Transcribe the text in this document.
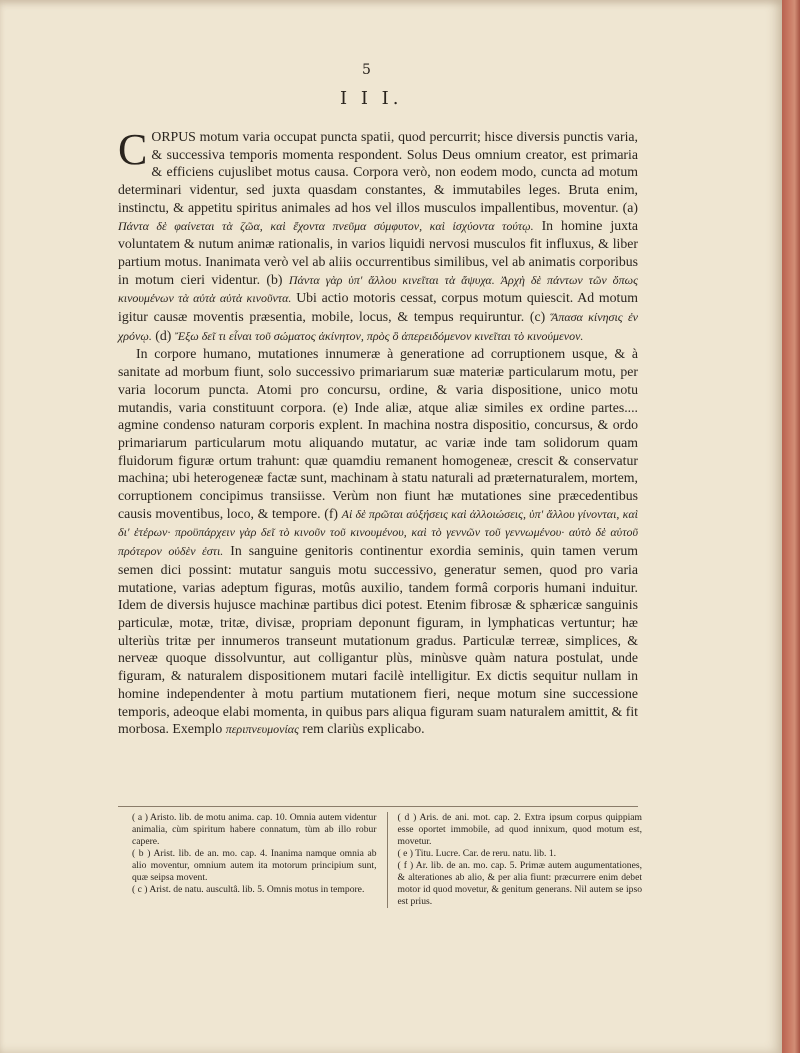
5
I I I.

CORPUS motum varia occupat puncta spatii, quod percurrit; hisce diversis punctis varia, & successiva temporis momenta respondent. Solus Deus omnium creator, est primaria & efficiens cujuslibet motus causa. Corpora verò, non eodem modo, cuncta ad motum determinari videntur, sed juxta quasdam constantes, & immutabiles leges. Bruta enim, instinctu, & appetitu spiritus animales ad hos vel illos musculos impallentibus, moventur. (a) Πάντα δὲ φαίνεται τὰ ζῶα, καὶ ἔχοντα πνεῦμα σύμφυτον, καὶ ἰσχύοντα τούτῳ. In homine juxta voluntatem & nutum animæ rationalis, in varios liquidi nervosi musculos fit influxus, & liber partium motus. Inanimata verò vel ab aliis occurrentibus similibus, vel ab animatis corporibus in motum cieri videntur. (b) Πάντα γὰρ ὑπ' ἄλλου κινεῖται τὰ ἄψυχα. Ἀρχὴ δὲ πάντων τῶν ὅπως κινουμένων τὰ αὐτὰ αὐτὰ κινοῦντα. Ubi actio motoris cessat, corpus motum quiescit. Ad motum igitur causæ moventis præsentia, mobile, locus, & tempus requiruntur. (c) Ἅπασα κίνησις ἐν χρόνῳ. (d) Ἔξω δεῖ τι εἶναι τοῦ σώματος ἀκίνητον, πρὸς ὃ ἀπερειδόμενον κινεῖται τὸ κινούμενον.

In corpore humano, mutationes innumeræ à generatione ad corruptionem usque, & à sanitate ad morbum fiunt, solo successivo primariarum suæ materiæ particularum motu, per varia locorum puncta. Atomi pro concursu, ordine, & varia dispositione, unico motu mutandis, varia constituunt corpora. (e) Inde aliæ, atque aliæ similes ex ordine partes.... agmine condenso naturam corporis explent. In machina nostra dispositio, concursus, & ordo primariarum particularum motu aliquando mutatur, ac variæ inde tam solidorum quam fluidorum figuræ ortum trahunt: quæ quamdiu remanent homogeneæ, crescit & conservatur machina; ubi heterogeneæ factæ sunt, machinam à statu naturali ad præternaturalem, mortem, corruptionem concipimus transiisse. Verùm non fiunt hæ mutationes sine præcedentibus causis moventibus, loco, & tempore. (f) Αἱ δὲ πρῶται αὐξήσεις καὶ ἀλλοιώσεις, ὑπ' ἄλλου γίνονται, καὶ δι' ἑτέρων· προϋπάρχειν γὰρ δεῖ τὸ κινοῦν τοῦ κινουμένου, καὶ τὸ γεννῶν τοῦ γεννωμένου· αὐτὸ δὲ αὑτοῦ πρότερον οὐδὲν ἐστι. In sanguine genitoris continentur exordia seminis, quin tamen verum semen dici possint: mutatur sanguis motu successivo, generatur semen, quod pro varia mutatione, varias adeptum figuras, motûs auxilio, tandem formâ corporis humani induitur. Idem de diversis hujusce machinæ partibus dici potest. Etenim fibrosæ & sphæricæ sanguinis particulæ, motæ, tritæ, divisæ, propriam deponunt figuram, in lymphaticas vertuntur; hæ ulteriùs tritæ per innumeros transeunt mutationum gradus. Particulæ terreæ, simplices, & nerveæ quoque dissolvuntur, aut colligantur plùs, minùsve quàm natura postulat, unde figuram, & naturalem dispositionem mutari facilè intelligitur. Ex dictis sequitur nullam in homine independenter à motu partium mutationem fieri, neque motum sine successione temporis, adeoque elabi momenta, in quibus pars aliqua figuram suam naturalem amittit, & fit morbosa. Exemplo περιπνευμονίας rem clariùs explicabo.

( a ) Aristo. lib. de motu anima. cap. 10. Omnia autem videntur animalia, cùm spiritum habere connatum, tùm ab illo robur capere.

( b ) Arist. lib. de an. mo. cap. 4. Inanima namque omnia ab alio moventur, omnium autem ita motorum principium sunt, quæ seipsa movent.

( c ) Arist. de natu. auscultâ. lib. 5. Omnis motus in tempore.

( d ) Aris. de ani. mot. cap. 2. Extra ipsum corpus quippiam esse oportet immobile, ad quod innixum, quod motum est, movetur.

( e ) Titu. Lucre. Car. de reru. natu. lib. 1.

( f ) Ar. lib. de an. mo. cap. 5. Primæ autem augumentationes, & alterationes ab alio, & per alia fiunt: præcurrere enim debet motor id quod movetur, & genitum generans. Nil autem se ipso est prius.
